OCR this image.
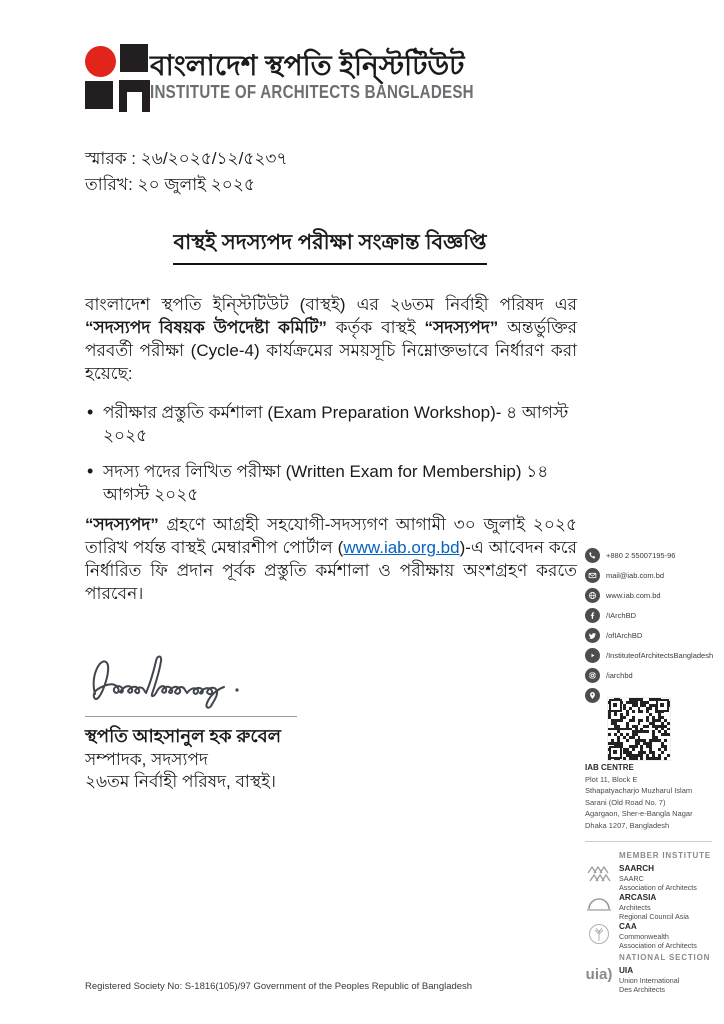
বাংলাদেশ স্থপতি ইন্স্টিটিউট
INSTITUTE OF ARCHITECTS BANGLADESH
স্মারক : ২৬/২০২৫/১২/৫২৩৭
তারিখ: ২০ জুলাই ২০২৫
বাস্থই সদস্যপদ পরীক্ষা সংক্রান্ত বিজ্ঞপ্তি
বাংলাদেশ স্থপতি ইন্স্টিটিউট (বাস্থই) এর ২৬তম নির্বাহী পরিষদ এর “সদস্যপদ বিষয়ক উপদেষ্টা কমিটি” কর্তৃক বাস্থই “সদস্যপদ” অন্তর্ভুক্তির পরবর্তী পরীক্ষা (Cycle-4) কার্যক্রমের সময়সূচি নিম্নোক্তভাবে নির্ধারণ করা হয়েছে:
• পরীক্ষার প্রস্তুতি কর্মশালা (Exam Preparation Workshop)- ৪ আগস্ট ২০২৫
• সদস্য পদের লিখিত পরীক্ষা (Written Exam for Membership) ১৪ আগস্ট ২০২৫
“সদস্যপদ” গ্রহণে আগ্রহী সহযোগী-সদস্যগণ আগামী ৩০ জুলাই ২০২৫ তারিখ পর্যন্ত বাস্থই মেম্বারশীপ পোর্টাল (www.iab.org.bd)-এ আবেদন করে নির্ধারিত ফি প্রদান পূর্বক প্রস্তুতি কর্মশালা ও পরীক্ষায় অংশগ্রহণ করতে পারবেন।
স্থপতি আহসানুল হক রুবেল
সম্পাদক, সদস্যপদ
২৬তম নির্বাহী পরিষদ, বাস্থই।
+880 2 55007195-96
mail@iab.com.bd
www.iab.com.bd
/IArchBD
/ofIArchBD
/InstituteofArchitectsBangladesh
/iarchbd
IAB CENTRE
Plot 11, Block E
Sthapatyacharjo Muzharul Islam
Sarani (Old Road No. 7)
Agargaon, Sher-e-Bangla Nagar
Dhaka 1207, Bangladesh
MEMBER INSTITUTE
SAARCH
SAARC
Association of Architects
ARCASIA
Architects
Regional Council Asia
CAA
Commonwealth
Association of Architects
NATIONAL SECTION
uia) UIA
Union International
Des Architects
Registered Society No: S-1816(105)/97 Government of the Peoples Republic of Bangladesh
